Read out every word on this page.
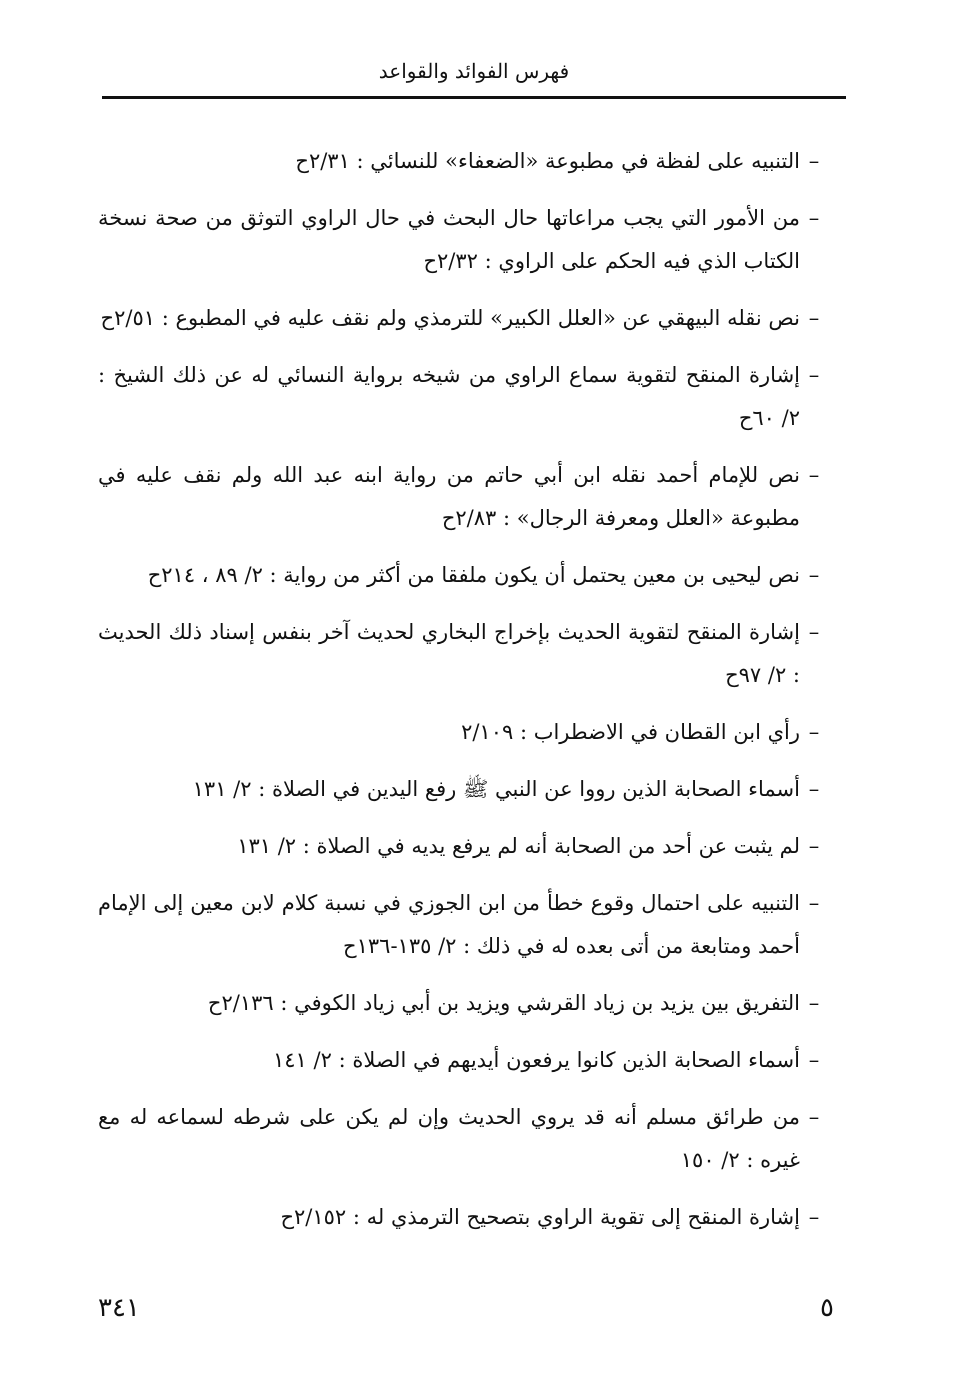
فهرس الفوائد والقواعد
–
التنبيه على لفظة في مطبوعة «الضعفاء» للنسائي : ٢/٣١ح
–
من الأمور التي يجب مراعاتها حال البحث في حال الراوي التوثق من صحة نسخة الكتاب الذي فيه الحكم على الراوي : ٢/٣٢ح
–
نص نقله البيهقي عن «العلل الكبير» للترمذي ولم نقف عليه في المطبوع : ٢/٥١ح
–
إشارة المنقح لتقوية سماع الراوي من شيخه برواية النسائي له عن ذلك الشيخ : ٢/ ٦٠ح
–
نص للإمام أحمد نقله ابن أبي حاتم من رواية ابنه عبد الله ولم نقف عليه في مطبوعة «العلل ومعرفة الرجال» : ٢/٨٣ح
–
نص ليحيى بن معين يحتمل أن يكون ملفقا من أكثر من رواية : ٢/ ٨٩ ، ٢١٤ح
–
إشارة المنقح لتقوية الحديث بإخراج البخاري لحديث آخر بنفس إسناد ذلك الحديث : ٢/ ٩٧ح
–
رأي ابن القطان في الاضطراب : ٢/١٠٩
–
أسماء الصحابة الذين رووا عن النبي ﷺ رفع اليدين في الصلاة : ٢/ ١٣١
–
لم يثبت عن أحد من الصحابة أنه لم يرفع يديه في الصلاة : ٢/ ١٣١
–
التنبيه على احتمال وقوع خطأ من ابن الجوزي في نسبة كلام لابن معين إلى الإمام أحمد ومتابعة من أتى بعده له في ذلك : ٢/ ١٣٥-١٣٦ح
–
التفريق بين يزيد بن زياد القرشي ويزيد بن أبي زياد الكوفي : ٢/١٣٦ح
–
أسماء الصحابة الذين كانوا يرفعون أيديهم في الصلاة : ٢/ ١٤١
–
من طرائق مسلم أنه قد يروي الحديث وإن لم يكن على شرطه لسماعه له مع غيره : ٢/ ١٥٠
–
إشارة المنقح إلى تقوية الراوي بتصحيح الترمذي له : ٢/١٥٢ح
٣٤١	٥
